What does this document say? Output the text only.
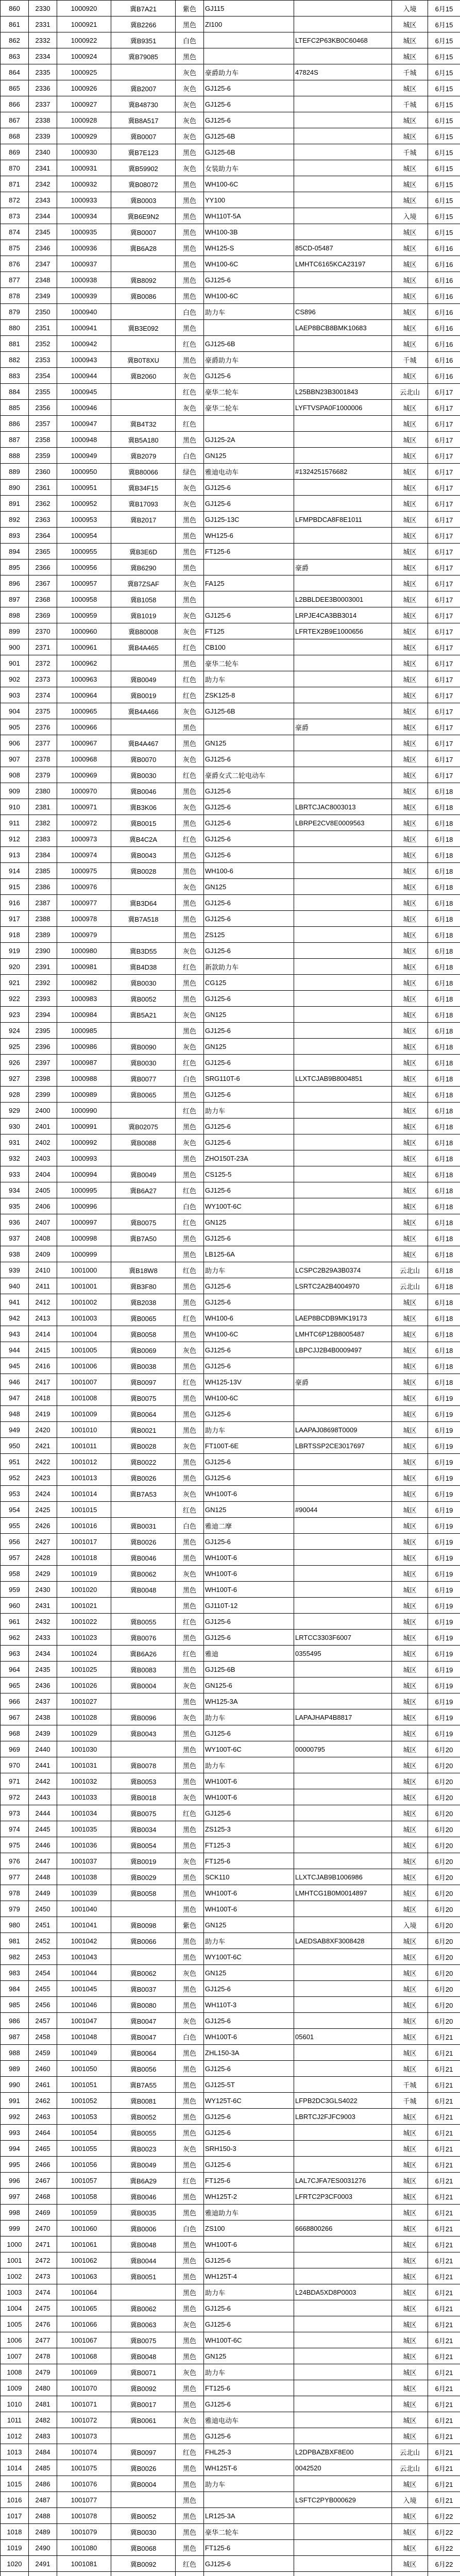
860	2330	1000920	冀B7A21	紫色	GJ115		入境	6月15
861	2331	1000921	冀B2266	黑色	ZI100		城区	6月15
862	2332	1000922	冀B9351	白色		LTEFC2P63KB0C60468	城区	6月15
863	2334	1000924	冀B79085	黑色			城区	6月15
864	2335	1000925		灰色	豪爵助力车	47824S	千城	6月15
865	2336	1000926	冀B2007	灰色	GJ125-6		城区	6月15
866	2337	1000927	冀B48730	灰色	GJ125-6		千城	6月15
867	2338	1000928	冀B8A517	灰色	GJ125-6		城区	6月15
868	2339	1000929	冀B0007	灰色	GJ125-6B		城区	6月15
869	2340	1000930	冀B7E123	黑色	GJ125-6B		千城	6月15
870	2341	1000931	冀B59902	灰色	女装助力车		城区	6月15
871	2342	1000932	冀B08072	黑色	WH100-6C		城区	6月15
872	2343	1000933	冀B0003	黑色	YY100		城区	6月15
873	2344	1000934	冀B6E9N2	黑色	WH110T-5A		入境	6月15
874	2345	1000935	冀B0007	黑色	WH100-3B		城区	6月15
875	2346	1000936	冀B6A28	黑色	WH125-S	85CD-05487	城区	6月16
876	2347	1000937		黑色	WH100-6C	LMHTC6165KCA23197	城区	6月16
877	2348	1000938	冀B8092	黑色	GJ125-6		城区	6月16
878	2349	1000939	冀B0086	黑色	WH100-6C		城区	6月16
879	2350	1000940		白色	助力车	CS896	城区	6月16
880	2351	1000941	冀B3E092	黑色		LAEP8BCB8BMK10683	城区	6月16
881	2352	1000942		红色	GJ125-6B		城区	6月16
882	2353	1000943	冀B0T8XU	黑色	豪爵助力车		千城	6月16
883	2354	1000944	冀B2060	灰色	GJ125-6		城区	6月16
884	2355	1000945		红色	豪华二轮车	L25BBN23B3001843	云北山	6月17
885	2356	1000946		灰色	豪华二轮车	LYFTVSPA0F1000006	城区	6月17
886	2357	1000947	冀B4T32	红色			城区	6月17
887	2358	1000948	冀B5A180	黑色	GJ125-2A		城区	6月17
888	2359	1000949	冀B2079	白色	GN125		城区	6月17
889	2360	1000950	冀B80066	绿色	雅迪电动车	#1324251576682	城区	6月17
890	2361	1000951	冀B34F15	灰色	GJ125-6		城区	6月17
891	2362	1000952	冀B17093	灰色	GJ125-6		城区	6月17
892	2363	1000953	冀B2017	黑色	GJ125-13C	LFMPBDCA8F8E1011	城区	6月17
893	2364	1000954		黑色	WH125-6		城区	6月17
894	2365	1000955	冀B3E6D	黑色	FT125-6		城区	6月17
895	2366	1000956	冀B6290	黑色		豪爵	城区	6月17
896	2367	1000957	冀B7ZSAF	灰色	FA125		城区	6月17
897	2368	1000958	冀B1058	黑色		L2BBLDEE3B0003001	城区	6月17
898	2369	1000959	冀B1019	灰色	GJ125-6	LRPJE4CA3BB3014	城区	6月17
899	2370	1000960	冀B80008	灰色	FT125	LFRTEX2B9E1000656	城区	6月17
900	2371	1000961	冀B4A465	红色	CB100		城区	6月17
901	2372	1000962		黑色	豪华二轮车		城区	6月17
902	2373	1000963	冀B0049	红色	助力车		城区	6月17
903	2374	1000964	冀B0019	红色	ZSK125-8		城区	6月17
904	2375	1000965	冀B4A466	灰色	GJ125-6B		城区	6月17
905	2376	1000966		黑色		豪爵	城区	6月17
906	2377	1000967	冀B4A467	黑色	GN125		城区	6月17
907	2378	1000968	冀B0070	灰色	GJ125-6		城区	6月17
908	2379	1000969	冀B0030	红色	豪爵女式二轮电动车		城区	6月17
909	2380	1000970	冀B0046	黑色	GJ125-6		城区	6月18
910	2381	1000971	冀B3K06	灰色	GJ125-6	LBRTCJAC8003013	城区	6月18
911	2382	1000972	冀B0015	黑色	GJ125-6	LBRPE2CV8E0009563	城区	6月18
912	2383	1000973	冀B4C2A	红色	GJ125-6		城区	6月18
913	2384	1000974	冀B0043	黑色	GJ125-6		城区	6月18
914	2385	1000975	冀B0028	黑色	WH100-6		城区	6月18
915	2386	1000976		灰色	GN125		城区	6月18
916	2387	1000977	冀B3D64	黑色	GJ125-6		城区	6月18
917	2388	1000978	冀B7A518	黑色	GJ125-6		城区	6月18
918	2389	1000979		黑色	ZS125		城区	6月18
919	2390	1000980	冀B3D55	灰色	GJ125-6		城区	6月18
920	2391	1000981	冀B4D38	红色	新款助力车		城区	6月18
921	2392	1000982	冀B0030	黑色	CG125		城区	6月18
922	2393	1000983	冀B0052	黑色	GJ125-6		城区	6月18
923	2394	1000984	冀B5A21	灰色	GN125		城区	6月18
924	2395	1000985		黑色	GJ125-6		城区	6月18
925	2396	1000986	冀B0090	灰色	GN125		城区	6月18
926	2397	1000987	冀B0030	红色	GJ125-6		城区	6月18
927	2398	1000988	冀B0077	白色	SRG110T-6	LLXTCJAB9B8004851	城区	6月18
928	2399	1000989	冀B0065	黑色	GJ125-6		城区	6月18
929	2400	1000990		红色	助力车		城区	6月18
930	2401	1000991	冀B02075	黑色	GJ125-6		城区	6月18
931	2402	1000992	冀B0088	灰色	GJ125-6		城区	6月18
932	2403	1000993		黑色	ZHO150T-23A		城区	6月18
933	2404	1000994	冀B0049	黑色	CS125-5		城区	6月18
934	2405	1000995	冀B6A27	红色	GJ125-6		城区	6月18
935	2406	1000996		白色	WY100T-6C		城区	6月18
936	2407	1000997	冀B0075	红色	GN125		城区	6月18
937	2408	1000998	冀B7A50	黑色	GJ125-6		城区	6月18
938	2409	1000999		黑色	LB125-6A		城区	6月18
939	2410	1001000	冀B18W8	红色	助力车	LCSPC2B29A3B0374	云北山	6月18
940	2411	1001001	冀B3F80	黑色	GJ125-6	LSRTC2A2B4004970	云北山	6月18
941	2412	1001002	冀B2038	黑色	GJ125-6		城区	6月18
942	2413	1001003	冀B0065	红色	WH100-6	LAEP8BCDB9MK19173	城区	6月18
943	2414	1001004	冀B0058	黑色	WH100-6C	LMHTC6P12B8005487	城区	6月18
944	2415	1001005	冀B0069	灰色	GJ125-6	LBPCJJ2B4B0009497	城区	6月18
945	2416	1001006	冀B0038	黑色	GJ125-6		城区	6月18
946	2417	1001007	冀B0097	红色	WH125-13V	豪爵	城区	6月18
947	2418	1001008	冀B0075	黑色	WH100-6C		城区	6月19
948	2419	1001009	冀B0064	黑色	GJ125-6		城区	6月19
949	2420	1001010	冀B0021	黑色	助力车	LAAPAJ08698T0009	城区	6月19
950	2421	1001011	冀B0028	灰色	FT100T-6E	LBRTSSP2CE3017697	城区	6月19
951	2422	1001012	冀B0022	黑色	GJ125-6		城区	6月19
952	2423	1001013	冀B0026	黑色	GJ125-6		城区	6月19
953	2424	1001014	冀B7A53	灰色	WH100T-6		城区	6月19
954	2425	1001015		红色	GN125	#90044	城区	6月19
955	2426	1001016	冀B0031	白色	雅迪二摩		城区	6月19
956	2427	1001017	冀B0026	黑色	GJ125-6		城区	6月19
957	2428	1001018	冀B0046	黑色	WH100T-6		城区	6月19
958	2429	1001019	冀B0062	灰色	WH100T-6		城区	6月19
959	2430	1001020	冀B0048	黑色	WH100T-6		城区	6月19
960	2431	1001021		黑色	GJ110T-12		城区	6月19
961	2432	1001022	冀B0055	红色	GJ125-6		城区	6月19
962	2433	1001023	冀B0076	黑色	GJ125-6	LRTCC3303F6007	城区	6月19
963	2434	1001024	冀B6A26	红色	雅迪	0355495	城区	6月19
964	2435	1001025	冀B0083	黑色	GJ125-6B		城区	6月19
965	2436	1001026	冀B0004	灰色	GN125-6		城区	6月19
966	2437	1001027		黑色	WH125-3A		城区	6月19
967	2438	1001028	冀B0096	灰色	助力车	LAPAJHAP4B8817	城区	6月19
968	2439	1001029	冀B0043	黑色	GJ125-6		城区	6月19
969	2440	1001030		黑色	WY100T-6C	00000795	城区	6月20
970	2441	1001031	冀B0078	黑色	助力车		城区	6月20
971	2442	1001032	冀B0053	黑色	WH100T-6		城区	6月20
972	2443	1001033	冀B0018	灰色	WH100T-6		城区	6月20
973	2444	1001034	冀B0075	红色	GJ125-6		城区	6月20
974	2445	1001035	冀B0034	黑色	ZS125-3		城区	6月20
975	2446	1001036	冀B0054	黑色	FT125-3		城区	6月20
976	2447	1001037	冀B0019	灰色	FT125-6		城区	6月20
977	2448	1001038	冀B0029	黑色	SCK110	LLXTCJAB9B1006986	城区	6月20
978	2449	1001039	冀B0058	黑色	WH100T-6	LMHTCG1B0M0014897	城区	6月20
979	2450	1001040		黑色	WH100T-6		城区	6月20
980	2451	1001041	冀B0098	紫色	GN125		入境	6月20
981	2452	1001042	冀B0066	黑色	助力车	LAEDSAB8XF3008428	城区	6月20
982	2453	1001043		黑色	WY100T-6C		城区	6月20
983	2454	1001044	冀B0062	灰色	GN125		城区	6月20
984	2455	1001045	冀B0037	黑色	GJ125-6		城区	6月20
985	2456	1001046	冀B0080	黑色	WH110T-3		城区	6月20
986	2457	1001047	冀B0047	灰色	GJ125-6		城区	6月20
987	2458	1001048	冀B0047	白色	WH100T-6	05601	城区	6月21
988	2459	1001049	冀B0064	黑色	ZHL150-3A		城区	6月21
989	2460	1001050	冀B0056	黑色	GJ125-6		城区	6月21
990	2461	1001051	冀B7A55	黑色	GJ125-5T		千城	6月21
991	2462	1001052	冀B0081	黑色	WY125T-6C	LFPB2DC3GLS4022	千城	6月21
992	2463	1001053	冀B0052	黑色	GJ125-6	LBRTCJ2FJFC9003	城区	6月21
993	2464	1001054	冀B0055	黑色	GJ125-6		城区	6月21
994	2465	1001055	冀B0023	灰色	SRH150-3		城区	6月21
995	2466	1001056	冀B0049	黑色	GJ125-6		城区	6月21
996	2467	1001057	冀B6A29	红色	FT125-6	LAL7CJFA7ES0031276	城区	6月21
997	2468	1001058	冀B0046	黑色	WH125T-2	LFRTC2P3CF0003	城区	6月21
998	2469	1001059	冀B0035	黑色	雅迪助力车		城区	6月21
999	2470	1001060	冀B0006	白色	ZS100	6668800266	城区	6月21
1000	2471	1001061	冀B0048	黑色	WH100T-6		城区	6月21
1001	2472	1001062	冀B0044	黑色	GJ125-6		城区	6月21
1002	2473	1001063	冀B0051	黑色	WH125T-4		城区	6月21
1003	2474	1001064		黑色	助力车	L24BDA5XD8P0003	城区	6月21
1004	2475	1001065	冀B0062	黑色	GJ125-6		城区	6月21
1005	2476	1001066	冀B0063	灰色	GJ125-6		城区	6月21
1006	2477	1001067	冀B0075	黑色	WH100T-6C		城区	6月21
1007	2478	1001068	冀B0048	黑色	GN125		城区	6月21
1008	2479	1001069	冀B0071	灰色	助力车		城区	6月21
1009	2480	1001070	冀B0092	黑色	FT125-6		城区	6月21
1010	2481	1001071	冀B0017	黑色	GJ125-6		城区	6月21
1011	2482	1001072	冀B0061	灰色	雅迪电动车		城区	6月21
1012	2483	1001073		黑色	GJ125-6		城区	6月21
1013	2484	1001074	冀B0097	红色	FHL25-3	L2DPBAZBXF8E00	云北山	6月21
1014	2485	1001075	冀B0026	黑色	WH125T-6	0042520	云北山	6月21
1015	2486	1001076	冀B0004	黑色	助力车		城区	6月21
1016	2487	1001077		黑色		LSFTC2PYB000629	入境	6月21
1017	2488	1001078	冀B0052	黑色	LR125-3A		城区	6月22
1018	2489	1001079	冀B0030	黑色	豪华二轮车		城区	6月22
1019	2490	1001080	冀B0068	黑色	FT125-6		城区	6月22
1020	2491	1001081	冀B0092	红色	GJ125-6		城区	6月22
